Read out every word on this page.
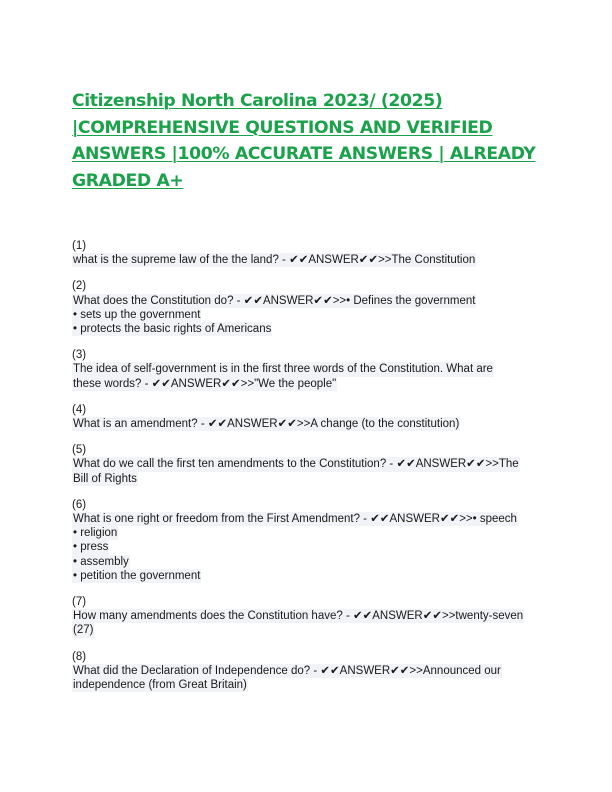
Citizenship North Carolina 2023/ (2025) |COMPREHENSIVE QUESTIONS AND VERIFIED ANSWERS |100% ACCURATE ANSWERS | ALREADY GRADED A+
(1)
what is the supreme law of the the land? - ✔✔ANSWER✔✔>>The Constitution
(2)
What does the Constitution do? - ✔✔ANSWER✔✔>>• Defines the government
• sets up the government
• protects the basic rights of Americans
(3)
The idea of self-government is in the first three words of the Constitution. What are
these words? - ✔✔ANSWER✔✔>>"We the people"
(4)
What is an amendment? - ✔✔ANSWER✔✔>>A change (to the constitution)
(5)
What do we call the first ten amendments to the Constitution? - ✔✔ANSWER✔✔>>The
Bill of Rights
(6)
What is one right or freedom from the First Amendment? - ✔✔ANSWER✔✔>>• speech
• religion
• press
• assembly
• petition the government
(7)
How many amendments does the Constitution have? - ✔✔ANSWER✔✔>>twenty-seven
(27)
(8)
What did the Declaration of Independence do? - ✔✔ANSWER✔✔>>Announced our
independence (from Great Britain)
